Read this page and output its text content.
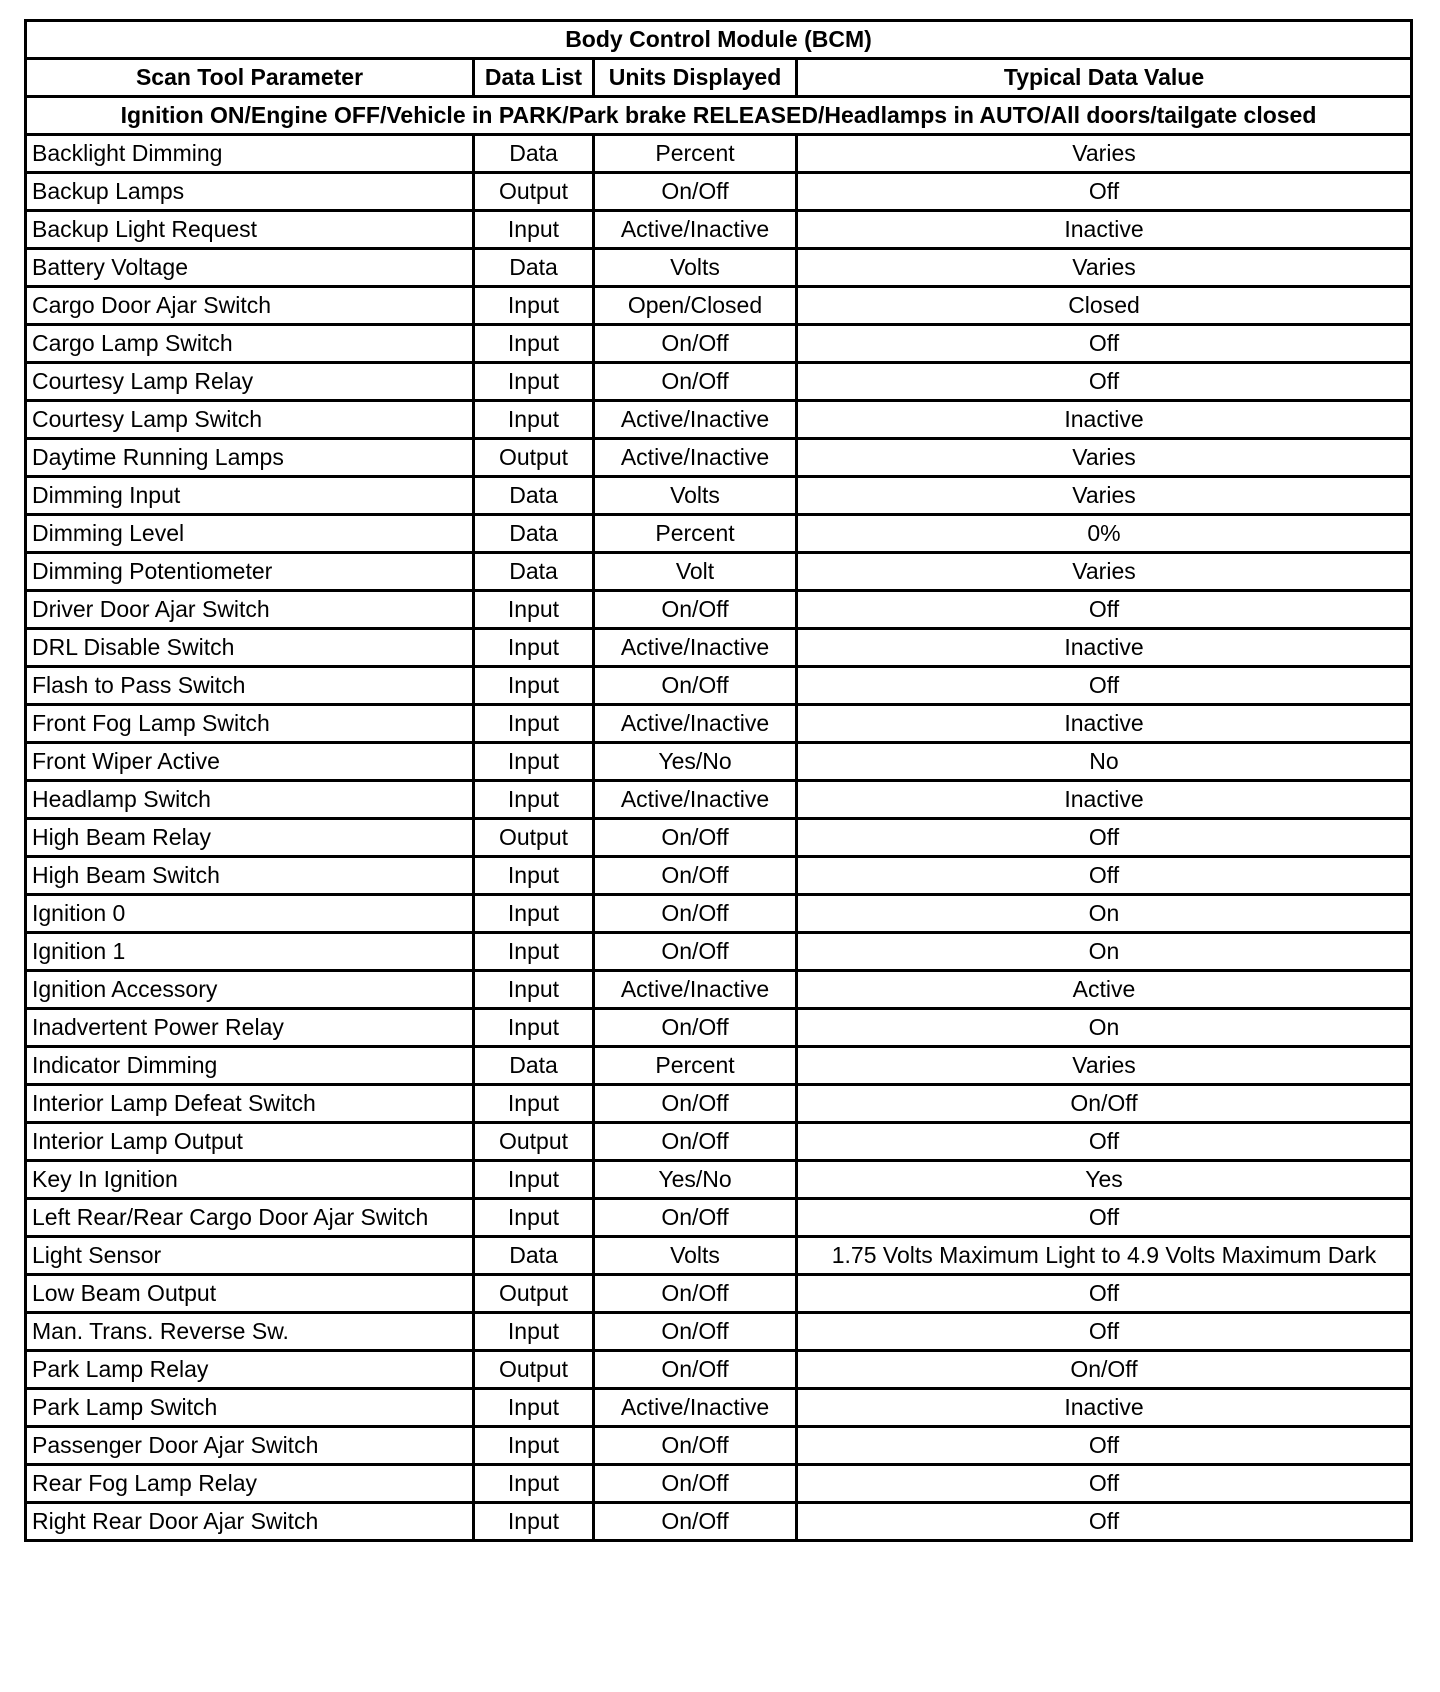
Body Control Module (BCM)			
Scan Tool Parameter	Data List	Units Displayed	Typical Data Value
Ignition ON/Engine OFF/Vehicle in PARK/Park brake RELEASED/Headlamps in AUTO/All doors/tailgate closed			
Backlight Dimming	Data	Percent	Varies
Backup Lamps	Output	On/Off	Off
Backup Light Request	Input	Active/Inactive	Inactive
Battery Voltage	Data	Volts	Varies
Cargo Door Ajar Switch	Input	Open/Closed	Closed
Cargo Lamp Switch	Input	On/Off	Off
Courtesy Lamp Relay	Input	On/Off	Off
Courtesy Lamp Switch	Input	Active/Inactive	Inactive
Daytime Running Lamps	Output	Active/Inactive	Varies
Dimming Input	Data	Volts	Varies
Dimming Level	Data	Percent	0%
Dimming Potentiometer	Data	Volt	Varies
Driver Door Ajar Switch	Input	On/Off	Off
DRL Disable Switch	Input	Active/Inactive	Inactive
Flash to Pass Switch	Input	On/Off	Off
Front Fog Lamp Switch	Input	Active/Inactive	Inactive
Front Wiper Active	Input	Yes/No	No
Headlamp Switch	Input	Active/Inactive	Inactive
High Beam Relay	Output	On/Off	Off
High Beam Switch	Input	On/Off	Off
Ignition 0	Input	On/Off	On
Ignition 1	Input	On/Off	On
Ignition Accessory	Input	Active/Inactive	Active
Inadvertent Power Relay	Input	On/Off	On
Indicator Dimming	Data	Percent	Varies
Interior Lamp Defeat Switch	Input	On/Off	On/Off
Interior Lamp Output	Output	On/Off	Off
Key In Ignition	Input	Yes/No	Yes
Left Rear/Rear Cargo Door Ajar Switch	Input	On/Off	Off
Light Sensor	Data	Volts	1.75 Volts Maximum Light to 4.9 Volts Maximum Dark
Low Beam Output	Output	On/Off	Off
Man. Trans. Reverse Sw.	Input	On/Off	Off
Park Lamp Relay	Output	On/Off	On/Off
Park Lamp Switch	Input	Active/Inactive	Inactive
Passenger Door Ajar Switch	Input	On/Off	Off
Rear Fog Lamp Relay	Input	On/Off	Off
Right Rear Door Ajar Switch	Input	On/Off	Off
